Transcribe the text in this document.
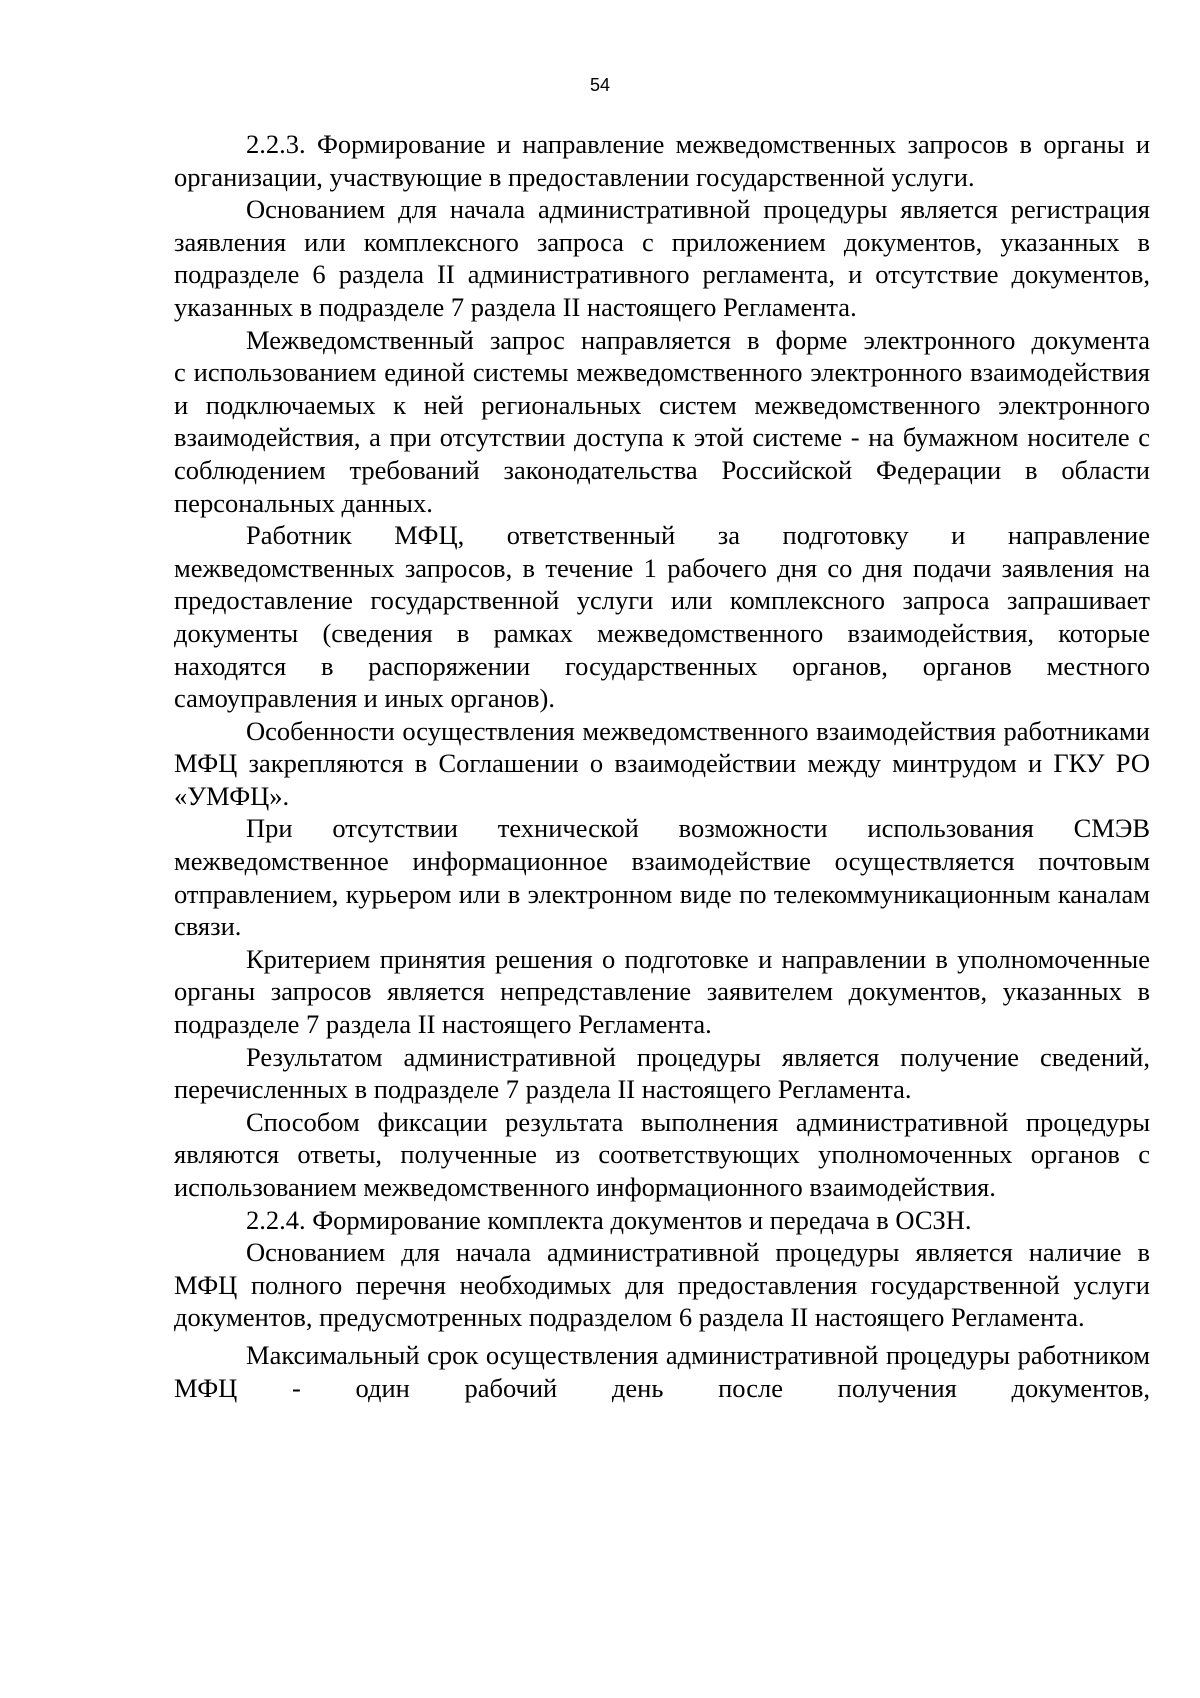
54

2.2.3. Формирование и направление межведомственных запросов в органы и организации, участвующие в предоставлении государственной услуги.

Основанием для начала административной процедуры является регистрация заявления или комплексного запроса с приложением документов, указанных в подразделе 6 раздела II административного регламента, и отсутствие документов, указанных в подразделе 7 раздела II настоящего Регламента.

Межведомственный запрос направляется в форме электронного документа

с использованием единой системы межведомственного электронного взаимодействия и подключаемых к ней региональных систем межведомственного электронного взаимодействия, а при отсутствии доступа к этой системе - на бумажном носителе с соблюдением требований законодательства Российской Федерации в области персональных данных.

Работник МФЦ, ответственный за подготовку и направление межведомственных запросов, в течение 1 рабочего дня со дня подачи заявления на предоставление государственной услуги или комплексного запроса запрашивает документы (сведения в рамках межведомственного взаимодействия, которые находятся в распоряжении государственных органов, органов местного самоуправления и иных органов).

Особенности осуществления межведомственного взаимодействия работниками МФЦ закрепляются в Соглашении о взаимодействии между минтрудом и ГКУ РО «УМФЦ».

При отсутствии технической возможности использования СМЭВ межведомственное информационное взаимодействие осуществляется почтовым отправлением, курьером или в электронном виде по телекоммуникационным каналам связи.

Критерием принятия решения о подготовке и направлении в уполномоченные органы запросов является непредставление заявителем документов, указанных в подразделе 7 раздела II настоящего Регламента.

Результатом административной процедуры является получение сведений, перечисленных в подразделе 7 раздела II настоящего Регламента.

Способом фиксации результата выполнения административной процедуры являются ответы, полученные из соответствующих уполномоченных органов с использованием межведомственного информационного взаимодействия.

2.2.4. Формирование комплекта документов и передача в ОСЗН.

Основанием для начала административной процедуры является наличие в МФЦ полного перечня необходимых для предоставления государственной услуги документов, предусмотренных подразделом 6 раздела II настоящего Регламента.

Максимальный срок осуществления административной процедуры работником МФЦ - один рабочий день после получения документов,
